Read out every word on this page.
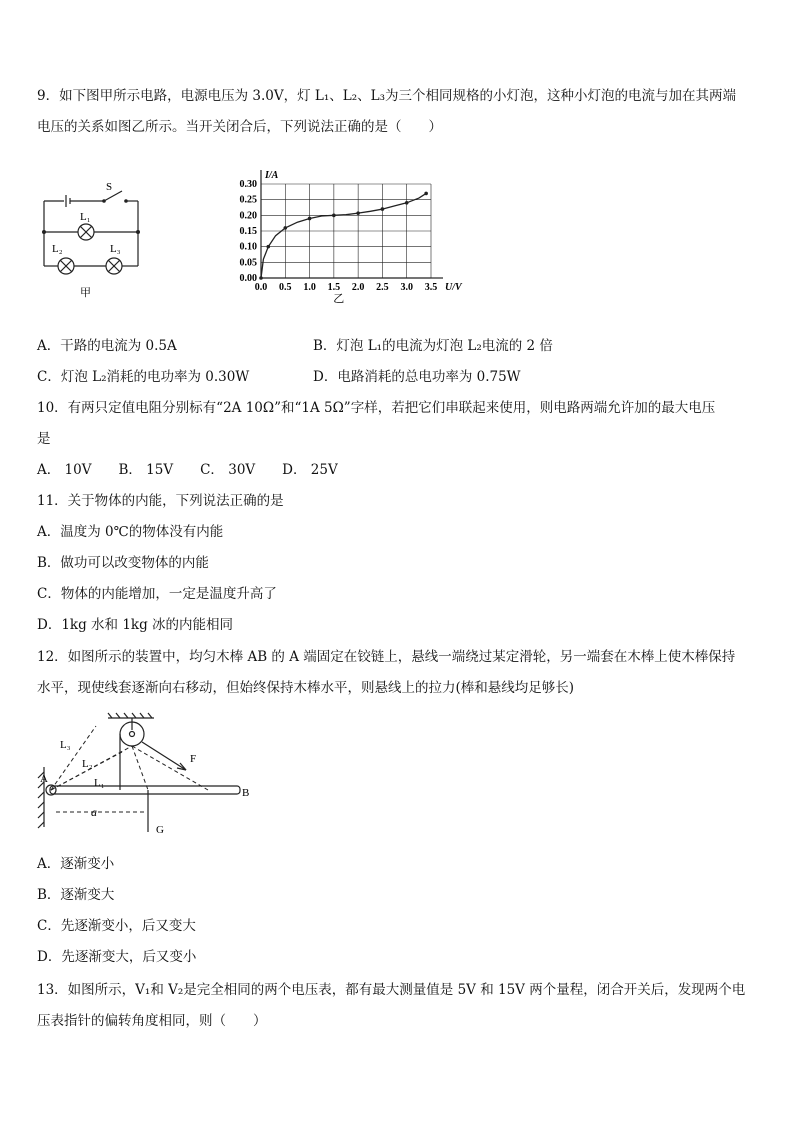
9．如下图甲所示电路，电源电压为 3.0V，灯 L₁、L₂、L₃为三个相同规格的小灯泡，这种小灯泡的电流与加在其两端
电压的关系如图乙所示。当开关闭合后，下列说法正确的是（　　）
S
L₁
L₂	L₃
甲	0.0 0.5 1.0 1.5 2.0 2.5 3.0 3.5
0.00
0.05
0.10
0.15
0.20
0.25
0.30
U/V
I/A
乙
A．干路的电流为 0.5A	B．灯泡 L₁的电流为灯泡 L₂电流的 2 倍
C．灯泡 L₂消耗的电功率为 0.30W	D．电路消耗的总电功率为 0.75W
10．有两只定值电阻分别标有“2A 10Ω”和“1A 5Ω”字样，若把它们串联起来使用，则电路两端允许加的最大电压
是
A． 10V　　B． 15V　　C． 30V　　D． 25V
11．关于物体的内能，下列说法正确的是
A．温度为 0℃的物体没有内能
B．做功可以改变物体的内能
C．物体的内能增加，一定是温度升高了
D．1kg 水和 1kg 冰的内能相同
12．如图所示的装置中，均匀木棒 AB 的 A 端固定在铰链上，悬线一端绕过某定滑轮，另一端套在木棒上使木棒保持
水平，现使线套逐渐向右移动，但始终保持木棒水平，则悬线上的拉力(棒和悬线均足够长)
A
B
F
G
a
L₁
L₂
L₃
A．逐渐变小
B．逐渐变大
C．先逐渐变小，后又变大
D．先逐渐变大，后又变小
13．如图所示，V₁和 V₂是完全相同的两个电压表，都有最大测量值是 5V 和 15V 两个量程，闭合开关后，发现两个电
压表指针的偏转角度相同，则（　　）
